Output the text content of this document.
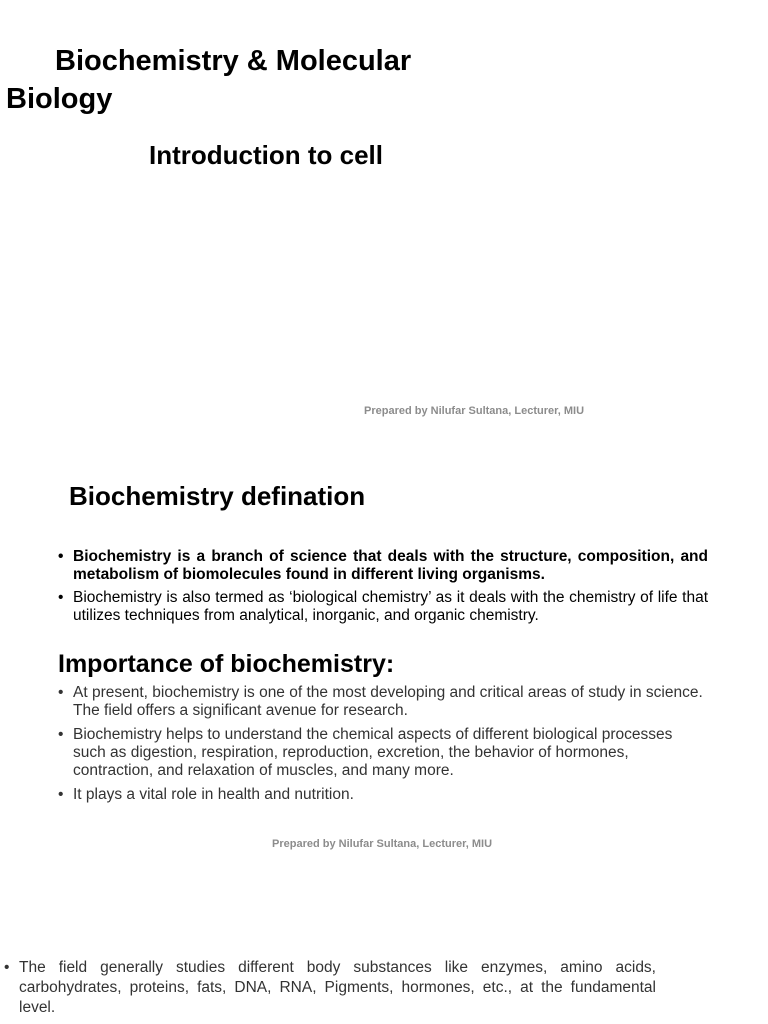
Biochemistry & Molecular
Biology
Introduction to cell
Prepared by Nilufar Sultana, Lecturer, MIU
Biochemistry defination
• Biochemistry is a branch of science that deals with the structure, composition, and metabolism of biomolecules found in different living organisms.
• Biochemistry is also termed as ‘biological chemistry’ as it deals with the chemistry of life that utilizes techniques from analytical, inorganic, and organic chemistry.
Importance of biochemistry:
• At present, biochemistry is one of the most developing and critical areas of study in science. The field offers a significant avenue for research.
• Biochemistry helps to understand the chemical aspects of different biological processes such as digestion, respiration, reproduction, excretion, the behavior of hormones, contraction, and relaxation of muscles, and many more.
• It plays a vital role in health and nutrition.
Prepared by Nilufar Sultana, Lecturer, MIU
• The field generally studies different body substances like enzymes, amino acids, carbohydrates, proteins, fats, DNA, RNA, Pigments, hormones, etc., at the fundamental level.
